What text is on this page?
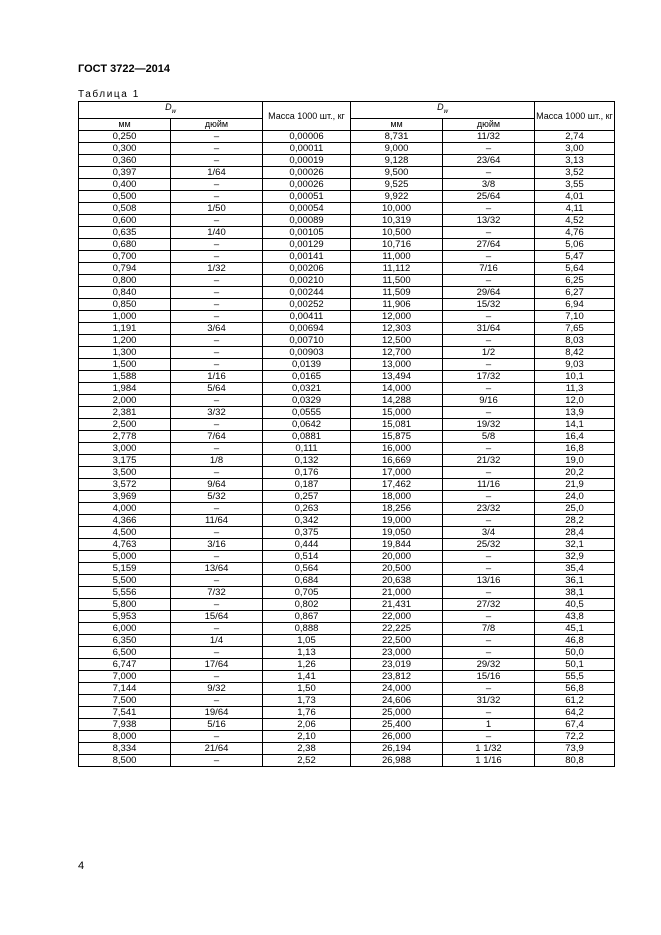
ГОСТ 3722—2014
Таблица 1
$D_w$		Масса 1000 шт., кг	$D_w$		Масса 1000 шт., кг
мм	дюйм		мм	дюйм	
0,250	–	0,00006	8,731	11/32	2,74
0,300	–	0,00011	9,000	–	3,00
0,360	–	0,00019	9,128	23/64	3,13
0,397	1/64	0,00026	9,500	–	3,52
0,400	–	0,00026	9,525	3/8	3,55
0,500	–	0,00051	9,922	25/64	4,01
0,508	1/50	0,00054	10,000	–	4,11
0,600	–	0,00089	10,319	13/32	4,52
0,635	1/40	0,00105	10,500	–	4,76
0,680	–	0,00129	10,716	27/64	5,06
0,700	–	0,00141	11,000	–	5,47
0,794	1/32	0,00206	11,112	7/16	5,64
0,800	–	0,00210	11,500	–	6,25
0,840	–	0,00244	11,509	29/64	6,27
0,850	–	0,00252	11,906	15/32	6,94
1,000	–	0,00411	12,000	–	7,10
1,191	3/64	0,00694	12,303	31/64	7,65
1,200	–	0,00710	12,500	–	8,03
1,300	–	0,00903	12,700	1/2	8,42
1,500	–	0,0139	13,000	–	9,03
1,588	1/16	0,0165	13,494	17/32	10,1
1,984	5/64	0,0321	14,000	–	11,3
2,000	–	0,0329	14,288	9/16	12,0
2,381	3/32	0,0555	15,000	–	13,9
2,500	–	0,0642	15,081	19/32	14,1
2,778	7/64	0,0881	15,875	5/8	16,4
3,000	–	0,111	16,000	–	16,8
3,175	1/8	0,132	16,669	21/32	19,0
3,500	–	0,176	17,000	–	20,2
3,572	9/64	0,187	17,462	11/16	21,9
3,969	5/32	0,257	18,000	–	24,0
4,000	–	0,263	18,256	23/32	25,0
4,366	11/64	0,342	19,000	–	28,2
4,500	–	0,375	19,050	3/4	28,4
4,763	3/16	0,444	19,844	25/32	32,1
5,000	–	0,514	20,000	–	32,9
5,159	13/64	0,564	20,500	–	35,4
5,500	–	0,684	20,638	13/16	36,1
5,556	7/32	0,705	21,000	–	38,1
5,800	–	0,802	21,431	27/32	40,5
5,953	15/64	0,867	22,000	–	43,8
6,000	–	0,888	22,225	7/8	45,1
6,350	1/4	1,05	22,500	–	46,8
6,500	–	1,13	23,000	–	50,0
6,747	17/64	1,26	23,019	29/32	50,1
7,000	–	1,41	23,812	15/16	55,5
7,144	9/32	1,50	24,000	–	56,8
7,500	–	1,73	24,606	31/32	61,2
7,541	19/64	1,76	25,000	–	64,2
7,938	5/16	2,06	25,400	1	67,4
8,000	–	2,10	26,000	–	72,2
8,334	21/64	2,38	26,194	1 1/32	73,9
8,500	–	2,52	26,988	1 1/16	80,8
4
